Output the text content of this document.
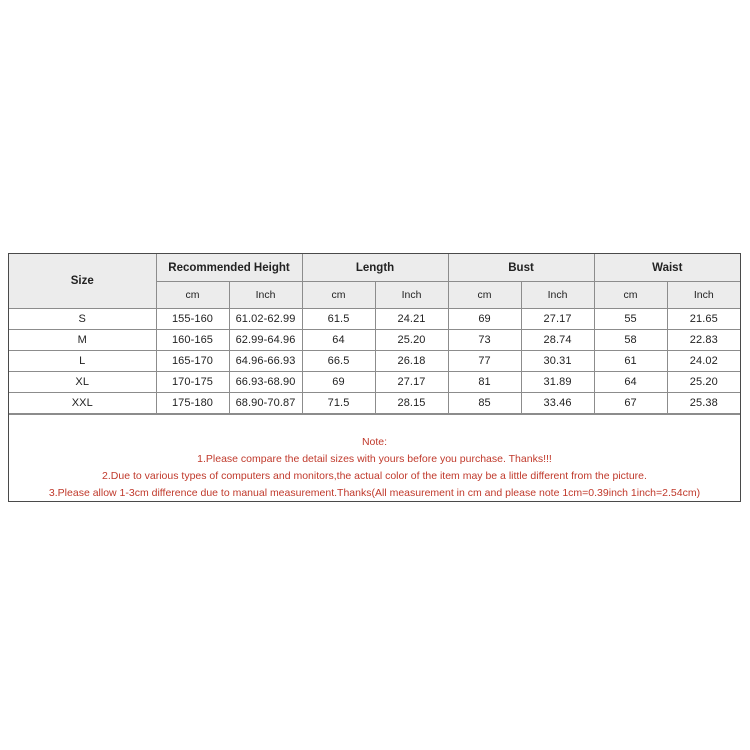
Size	Recommended Height		Length		Bust		Waist	
	cm	Inch	cm	Inch	cm	Inch	cm	Inch
S	155-160	61.02-62.99	61.5	24.21	69	27.17	55	21.65
M	160-165	62.99-64.96	64	25.20	73	28.74	58	22.83
L	165-170	64.96-66.93	66.5	26.18	77	30.31	61	24.02
XL	170-175	66.93-68.90	69	27.17	81	31.89	64	25.20
XXL	175-180	68.90-70.87	71.5	28.15	85	33.46	67	25.38

Note:

1.Please compare the detail sizes with yours before you purchase. Thanks!!!

2.Due to various types of computers and monitors,the actual color of the item may be a little different from the picture.

3.Please allow 1-3cm difference due to manual measurement.Thanks(All measurement in cm and please note 1cm=0.39inch 1inch=2.54cm)
